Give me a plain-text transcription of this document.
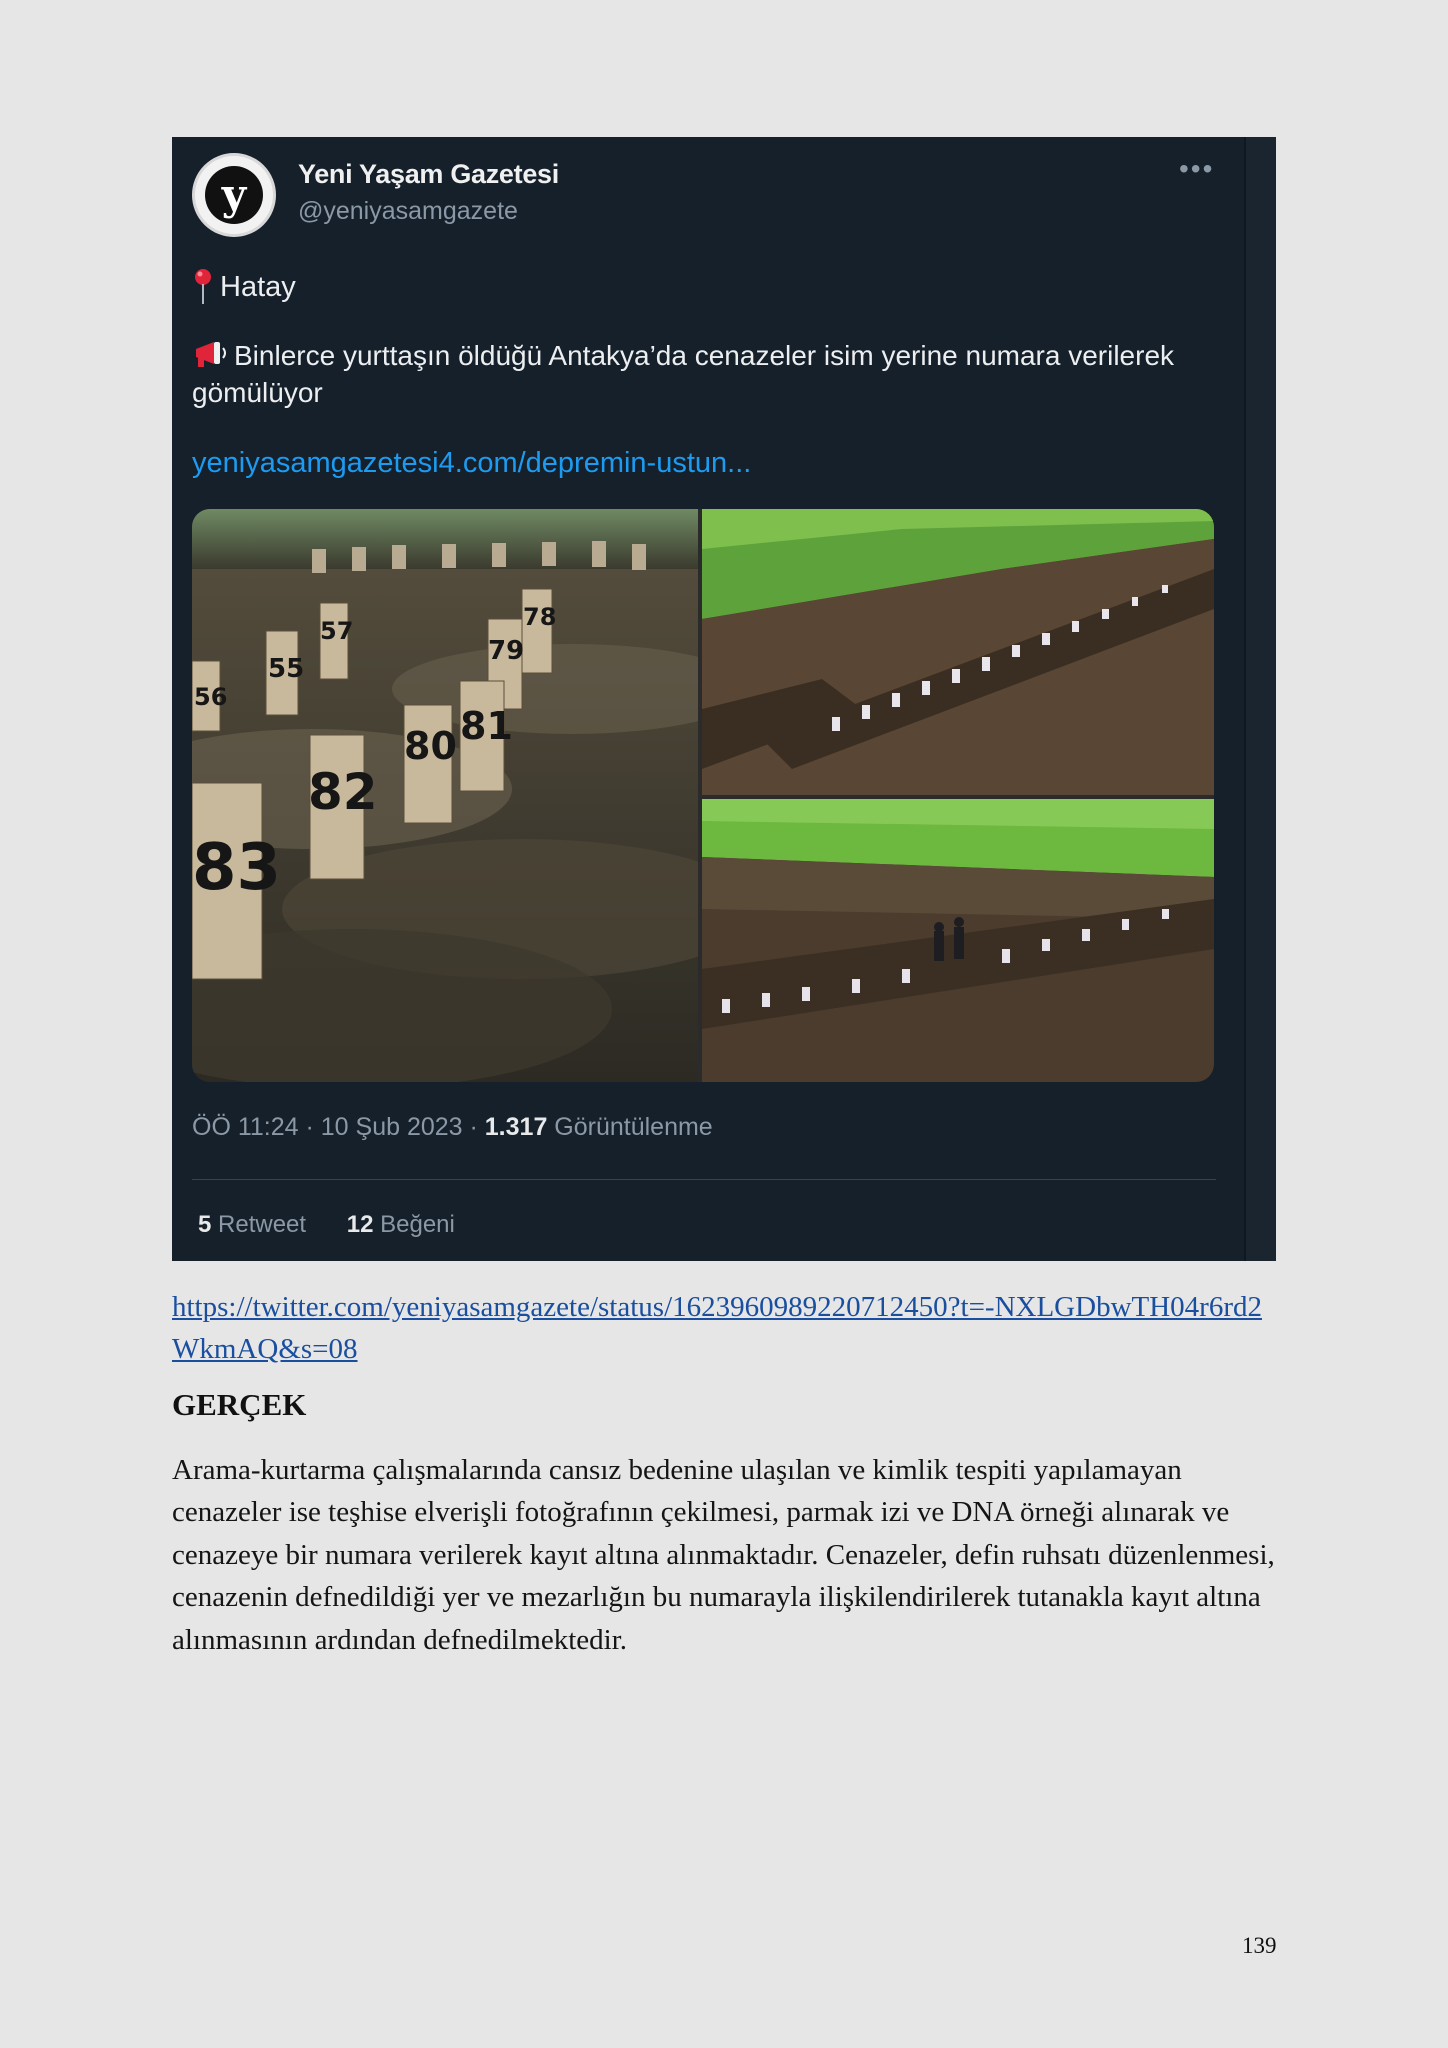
y	Yeni Yaşam Gazetesi
@yeniyasamgazete
•••
Hatay
Binlerce yurttaşın öldüğü Antakya’da cenazeler isim yerine numara verilerek gömülüyor
yeniyasamgazetesi4.com/depremin-ustun...
56
55
57
79
78
80 81
82
83
ÖÖ 11:24 · 10 Şub 2023 · 1.317 Görüntülenme
5 Retweet 12 Beğeni

https://twitter.com/yeniyasamgazete/status/1623960989220712450?t=-NXLGDbwTH04r6rd2WkmAQ&s=08

GERÇEK

Arama-kurtarma çalışmalarında cansız bedenine ulaşılan ve kimlik tespiti yapılamayan cenazeler ise teşhise elverişli fotoğrafının çekilmesi, parmak izi ve DNA örneği alınarak ve cenazeye bir numara verilerek kayıt altına alınmaktadır. Cenazeler, defin ruhsatı düzenlenmesi, cenazenin defnedildiği yer ve mezarlığın bu numarayla ilişkilendirilerek tutanakla kayıt altına alınmasının ardından defnedilmektedir.

139
